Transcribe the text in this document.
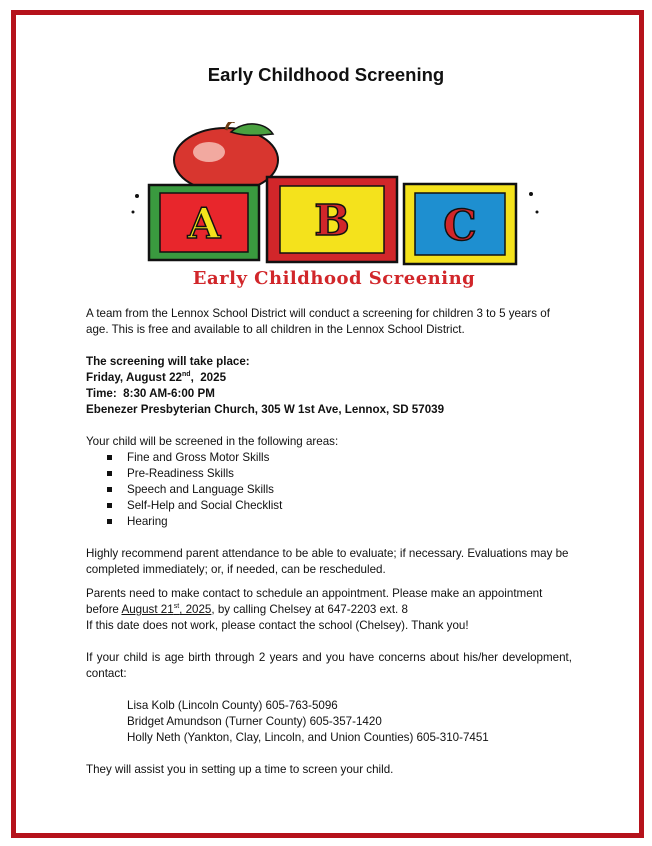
Early Childhood Screening
A B C
Early Childhood Screening

A team from the Lennox School District will conduct a screening for children 3 to 5 years of age. This is free and available to all children in the Lennox School District.

The screening will take place:

Friday, August 22nd,  2025

Time:  8:30 AM-6:00 PM

Ebenezer Presbyterian Church, 305 W 1st Ave, Lennox, SD 57039

Your child will be screened in the following areas:

Fine and Gross Motor Skills
Pre-Readiness Skills
Speech and Language Skills
Self-Help and Social Checklist
Hearing

Highly recommend parent attendance to be able to evaluate; if necessary. Evaluations may be completed immediately; or, if needed, can be rescheduled.

Parents need to make contact to schedule an appointment. Please make an appointment

before August 21st, 2025, by calling Chelsey at 647-2203 ext. 8

If this date does not work, please contact the school (Chelsey). Thank you!

If your child is age birth through 2 years and you have concerns about his/her development, contact:

Lisa Kolb (Lincoln County) 605-763-5096

Bridget Amundson (Turner County) 605-357-1420

Holly Neth (Yankton, Clay, Lincoln, and Union Counties) 605-310-7451

They will assist you in setting up a time to screen your child.
